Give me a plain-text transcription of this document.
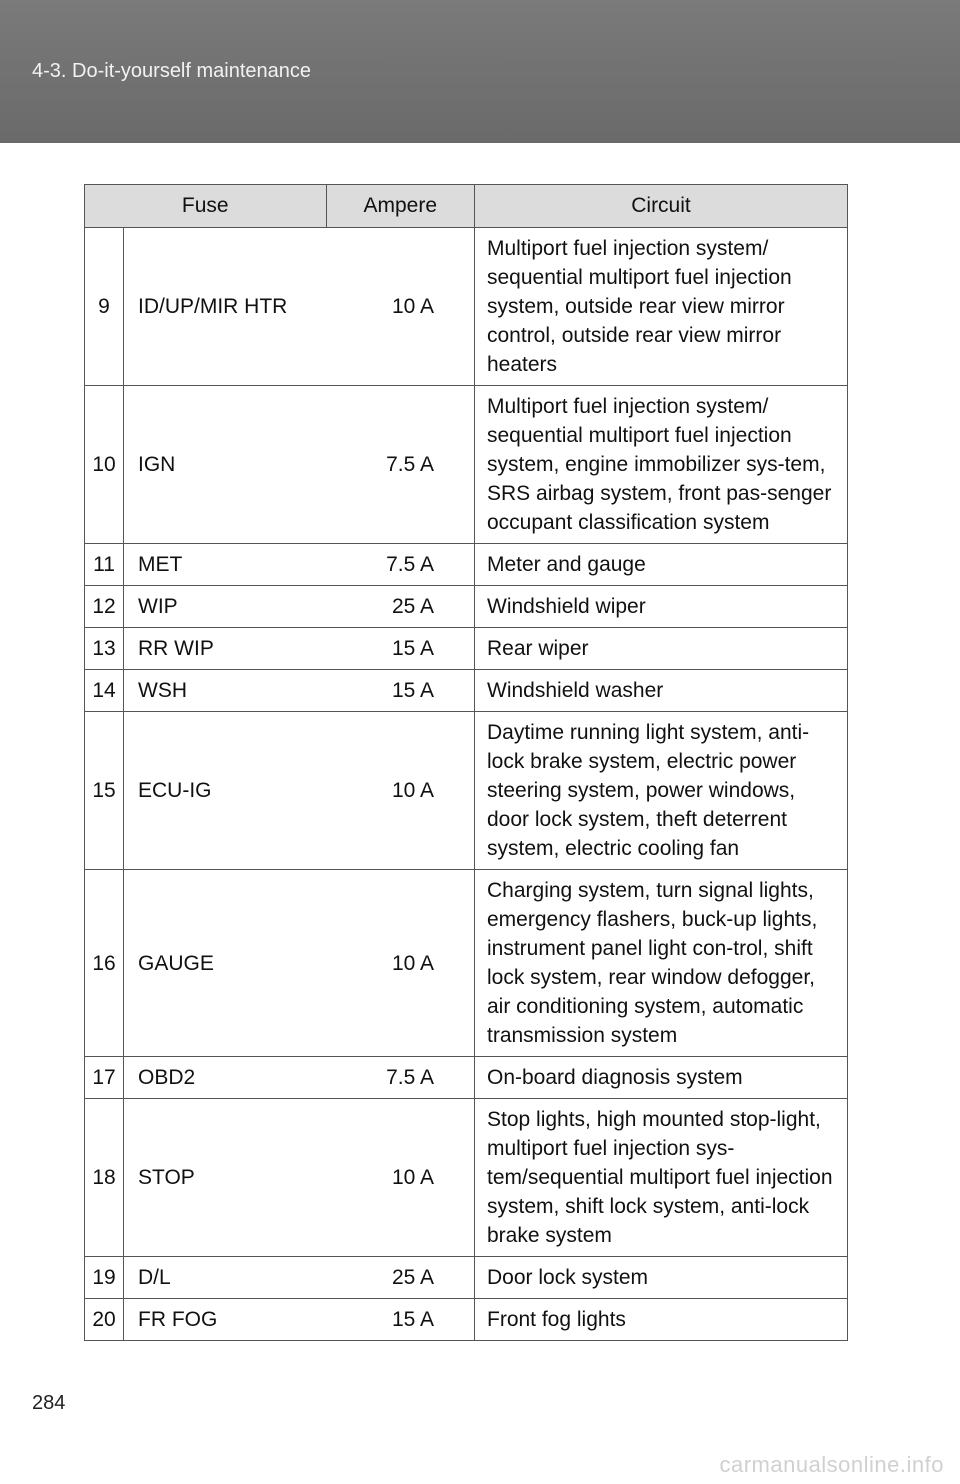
4-3. Do-it-yourself maintenance
Fuse		Ampere	Circuit
9	ID/UP/MIR HTR	10 A	Multiport fuel injection system/ sequential multiport fuel injection system, outside rear view mirror control, outside rear view mirror heaters
10	IGN	7.5 A	Multiport fuel injection system/ sequential multiport fuel injection system, engine immobilizer sys-tem, SRS airbag system, front pas-senger occupant classification system
11	MET	7.5 A	Meter and gauge
12	WIP	25 A	Windshield wiper
13	RR WIP	15 A	Rear wiper
14	WSH	15 A	Windshield washer
15	ECU-IG	10 A	Daytime running light system, anti-lock brake system, electric power steering system, power windows, door lock system, theft deterrent system, electric cooling fan
16	GAUGE	10 A	Charging system, turn signal lights, emergency flashers, buck-up lights, instrument panel light con-trol, shift lock system, rear window defogger, air conditioning system, automatic transmission system
17	OBD2	7.5 A	On-board diagnosis system
18	STOP	10 A	Stop lights, high mounted stop-light, multiport fuel injection sys-tem/sequential multiport fuel injection system, shift lock system, anti-lock brake system
19	D/L	25 A	Door lock system
20	FR FOG	15 A	Front fog lights
284
carmanualsonline.info
